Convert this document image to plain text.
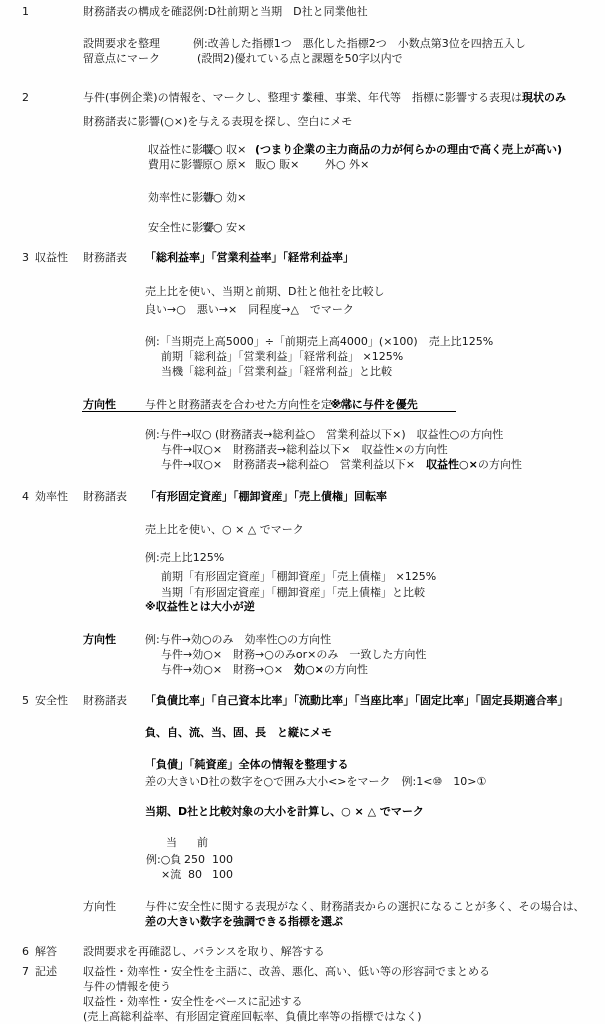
1	財務諸表の構成を確認 例:D社前期と当期　D社と同業他社
設問要求を整理	例:改善した指標1つ　悪化した指標2つ　小数点第3位を四捨五入し
留意点にマーク	(設問2)優れている点と課題を50字以内で
2	与件(事例企業)の情報を、マークし、整理する
業種、事業、年代等　指標に影響する表現は現状のみ
財務諸表に影響(○×)を与える表現を探し、空白にメモ
収益性に影響
収○ 収× (つまり企業の主力商品の力が何らかの理由で高く売上が高い)
費用に影響 原○ 原× 販○ 販× 外○ 外×
効率性に影響
効○ 効×
安全性に影響
安○ 安×
3 収益性 財務諸表 「総利益率」「営業利益率」「経常利益率」
売上比を使い、当期と前期、D社と他社を比較し
良い→○　悪い→×　同程度→△　でマーク
例:「当期売上高5000」÷「前期売上高4000」(×100)　売上比125%
前期「総利益」「営業利益」「経常利益」 ×125%
当機「総利益」「営業利益」「経常利益」と比較
方向性	与件と財務諸表を合わせた方向性を定める
※常に与件を優先
例:与件→収○ (財務諸表→総利益○　営業利益以下×)　収益性○の方向性
与件→収○×　財務諸表→総利益以下×　収益性×の方向性
与件→収○×　財務諸表→総利益○　営業利益以下×　収益性○×の方向性
4 効率性 財務諸表 「有形固定資産」「棚卸資産」「売上債権」回転率
売上比を使い、○ × △ でマーク
例:売上比125%
前期「有形固定資産」「棚卸資産」「売上債権」 ×125%
当期「有形固定資産」「棚卸資産」「売上債権」と比較
※収益性とは大小が逆
方向性	例:与件→効○のみ　効率性○の方向性
与件→効○×　財務→○のみor×のみ　一致した方向性
与件→効○×　財務→○×　効○×の方向性
5 安全性 財務諸表 「負債比率」「自己資本比率」「流動比率」「当座比率」「固定比率」「固定長期適合率」
負、自、流、当、固、長　と縦にメモ
「負債」「純資産」全体の情報を整理する
差の大きいD社の数字を○で囲み大小<>をマーク　例:1<⑩　10>①
当期、D社と比較対象の大小を計算し、○ × △ でマーク
当 前
例:○負 250 100
×流 80 100
方向性	与件に安全性に関する表現がなく、財務諸表からの選択になることが多く、その場合は、
差の大きい数字を強調できる指標を選ぶ
6 解答 設問要求を再確認し、バランスを取り、解答する
7 記述 収益性・効率性・安全性を主語に、改善、悪化、高い、低い等の形容詞でまとめる
与件の情報を使う
収益性・効率性・安全性をベースに記述する
(売上高総利益率、有形固定資産回転率、負債比率等の指標ではなく)
